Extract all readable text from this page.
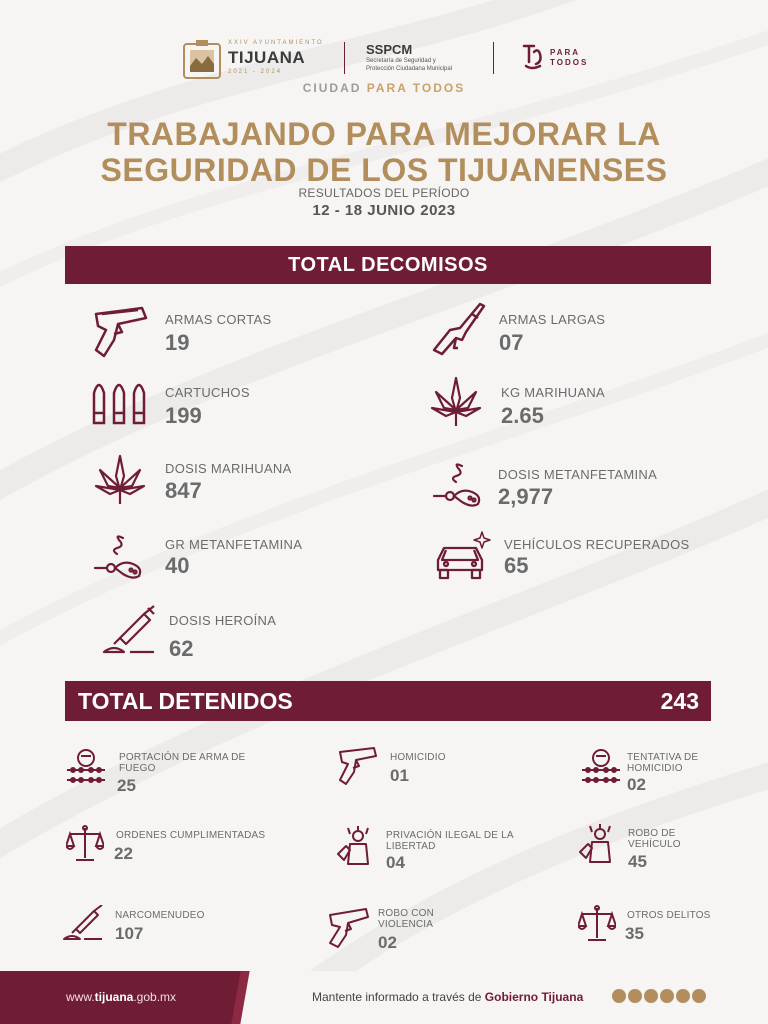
XXIV AYUNTAMIENTO
TIJUANA
2021 - 2024
SSPCM
Secretaría de Seguridad y
Protección Ciudadana Municipal
PARA
TODOS
CIUDAD PARA TODOS
TRABAJANDO PARA MEJORAR LA
SEGURIDAD DE LOS TIJUANENSES
RESULTADOS DEL PERÍODO
12 - 18 JUNIO 2023
TOTAL DECOMISOS
ARMAS CORTAS
19
ARMAS LARGAS
07
CARTUCHOS
199
KG MARIHUANA
2.65
DOSIS MARIHUANA
847
DOSIS METANFETAMINA
2,977
GR METANFETAMINA
40
VEHÍCULOS RECUPERADOS
65
DOSIS HEROÍNA
62
TOTAL DETENIDOS	243
PORTACIÓN DE ARMA DE FUEGO
25
HOMICIDIO
01
TENTATIVA DE HOMICIDIO
02
ORDENES CUMPLIMENTADAS
22
PRIVACIÓN ILEGAL DE LA LIBERTAD
04
ROBO DE VEHÍCULO
45
NARCOMENUDEO
107
ROBO CON VIOLENCIA
02
OTROS DELITOS
35
www.tijuana.gob.mx	Mantente informado a través de Gobierno Tijuana
